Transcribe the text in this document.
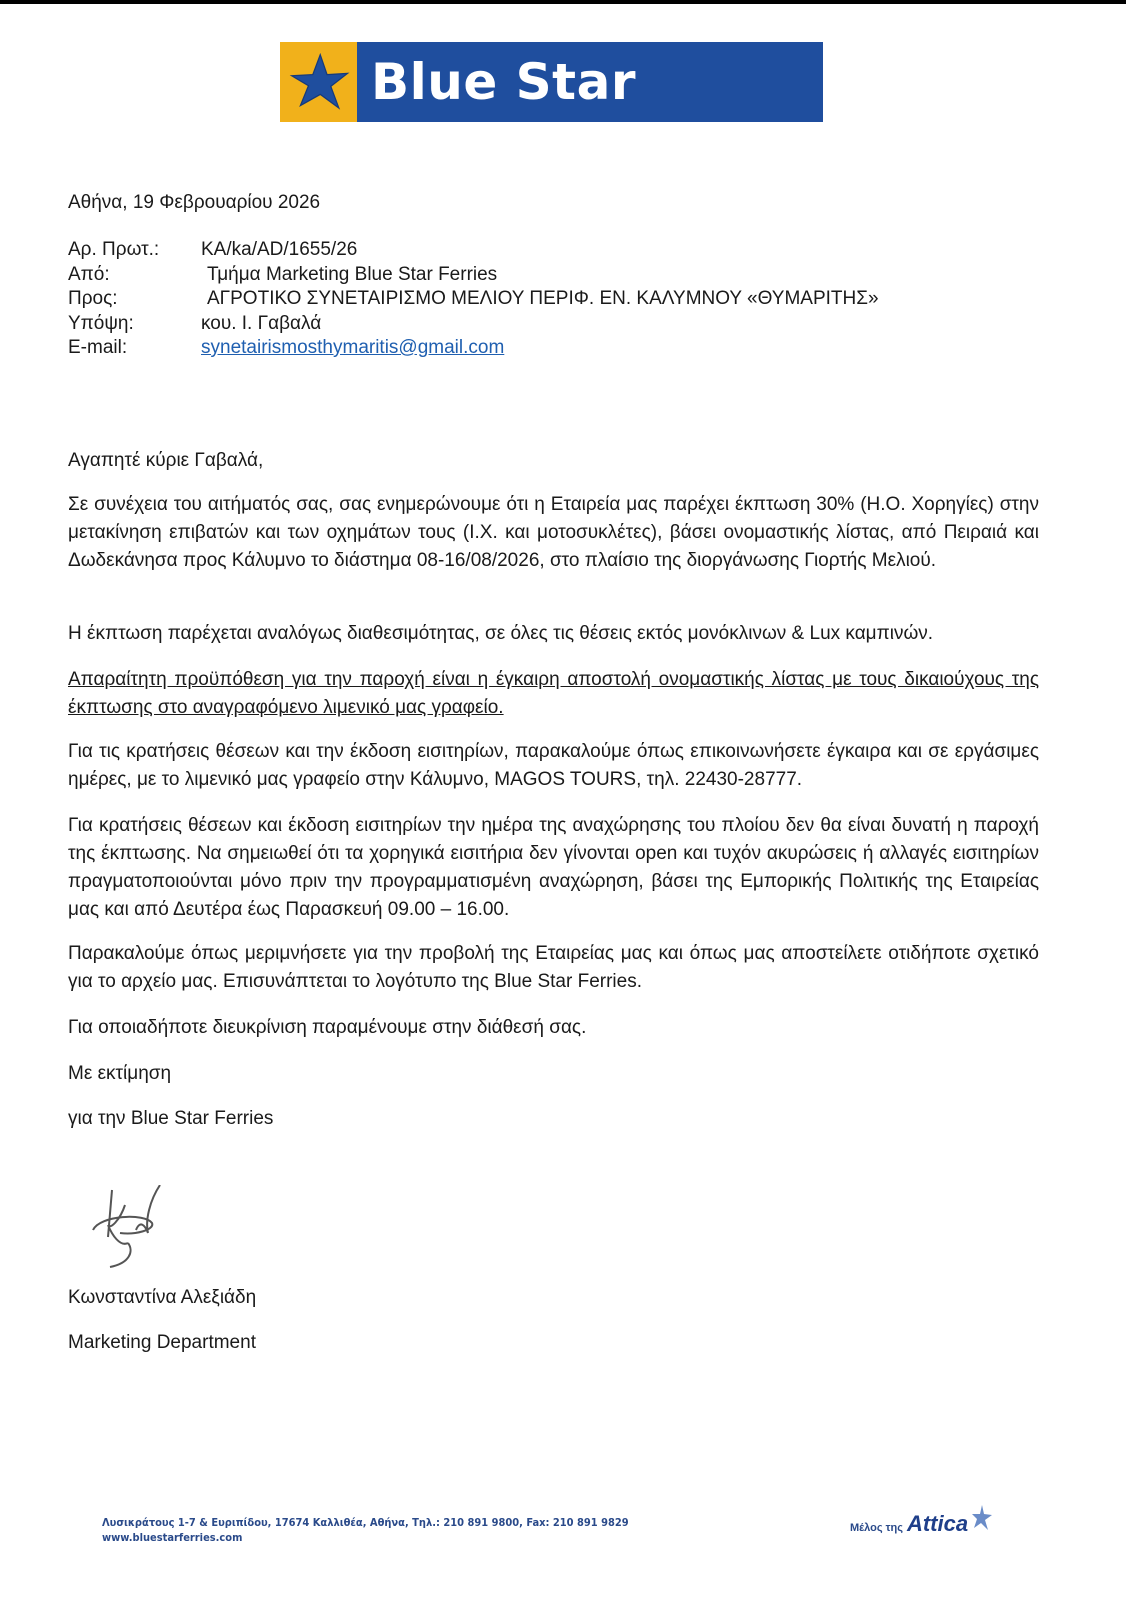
Blue Star Ferries ®
Αθήνα, 19 Φεβρουαρίου 2026
Αρ. Πρωτ.:	KA/ka/AD/1655/26
Από:	Τμήμα Marketing Blue Star Ferries
Προς:	ΑΓΡΟΤΙΚΟ ΣΥΝΕΤΑΙΡΙΣΜΟ ΜΕΛΙΟΥ ΠΕΡΙΦ. ΕΝ. ΚΑΛΥΜΝΟΥ «ΘΥΜΑΡΙΤΗΣ»
Υπόψη:	κου. Ι. Γαβαλά
E-mail:	synetairismosthymaritis@gmail.com
Αγαπητέ κύριε Γαβαλά,

Σε συνέχεια του αιτήματός σας, σας ενημερώνουμε ότι η Εταιρεία μας παρέχει έκπτωση 30% (Η.Ο. Χορηγίες) στην μετακίνηση επιβατών και των οχημάτων τους (Ι.Χ. και μοτοσυκλέτες), βάσει ονομαστικής λίστας, από Πειραιά και Δωδεκάνησα προς Κάλυμνο το διάστημα 08-16/08/2026, στο πλαίσιο της διοργάνωσης Γιορτής Μελιού.

Η έκπτωση παρέχεται αναλόγως διαθεσιμότητας, σε όλες τις θέσεις εκτός μονόκλινων & Lux καμπινών.

Απαραίτητη προϋπόθεση για την παροχή είναι η έγκαιρη αποστολή ονομαστικής λίστας με τους δικαιούχους της έκπτωσης στο αναγραφόμενο λιμενικό μας γραφείο.

Για τις κρατήσεις θέσεων και την έκδοση εισιτηρίων, παρακαλούμε όπως επικοινωνήσετε έγκαιρα και σε εργάσιμες ημέρες, με το λιμενικό μας γραφείο στην Κάλυμνο, MAGOS TOURS, τηλ. 22430-28777.

Για κρατήσεις θέσεων και έκδοση εισιτηρίων την ημέρα της αναχώρησης του πλοίου δεν θα είναι δυνατή η παροχή της έκπτωσης. Να σημειωθεί ότι τα χορηγικά εισιτήρια δεν γίνονται open και τυχόν ακυρώσεις ή αλλαγές εισιτηρίων πραγματοποιούνται μόνο πριν την προγραμματισμένη αναχώρηση, βάσει της Εμπορικής Πολιτικής της Εταιρείας μας και από Δευτέρα έως Παρασκευή 09.00 – 16.00.

Παρακαλούμε όπως μεριμνήσετε για την προβολή της Εταιρείας μας και όπως μας αποστείλετε οτιδήποτε σχετικό για το αρχείο μας. Επισυνάπτεται το λογότυπο της Blue Star Ferries.

Για οποιαδήποτε διευκρίνιση παραμένουμε στην διάθεσή σας.

Με εκτίμηση
για την Blue Star Ferries
Κωνσταντίνα Αλεξιάδη
Marketing Department
Λυσικράτους 1-7 & Ευριπίδου, 17674 Καλλιθέα, Αθήνα, Τηλ.: 210 891 9800, Fax: 210 891 9829
www.bluestarferries.com
Μέλος της Attica
